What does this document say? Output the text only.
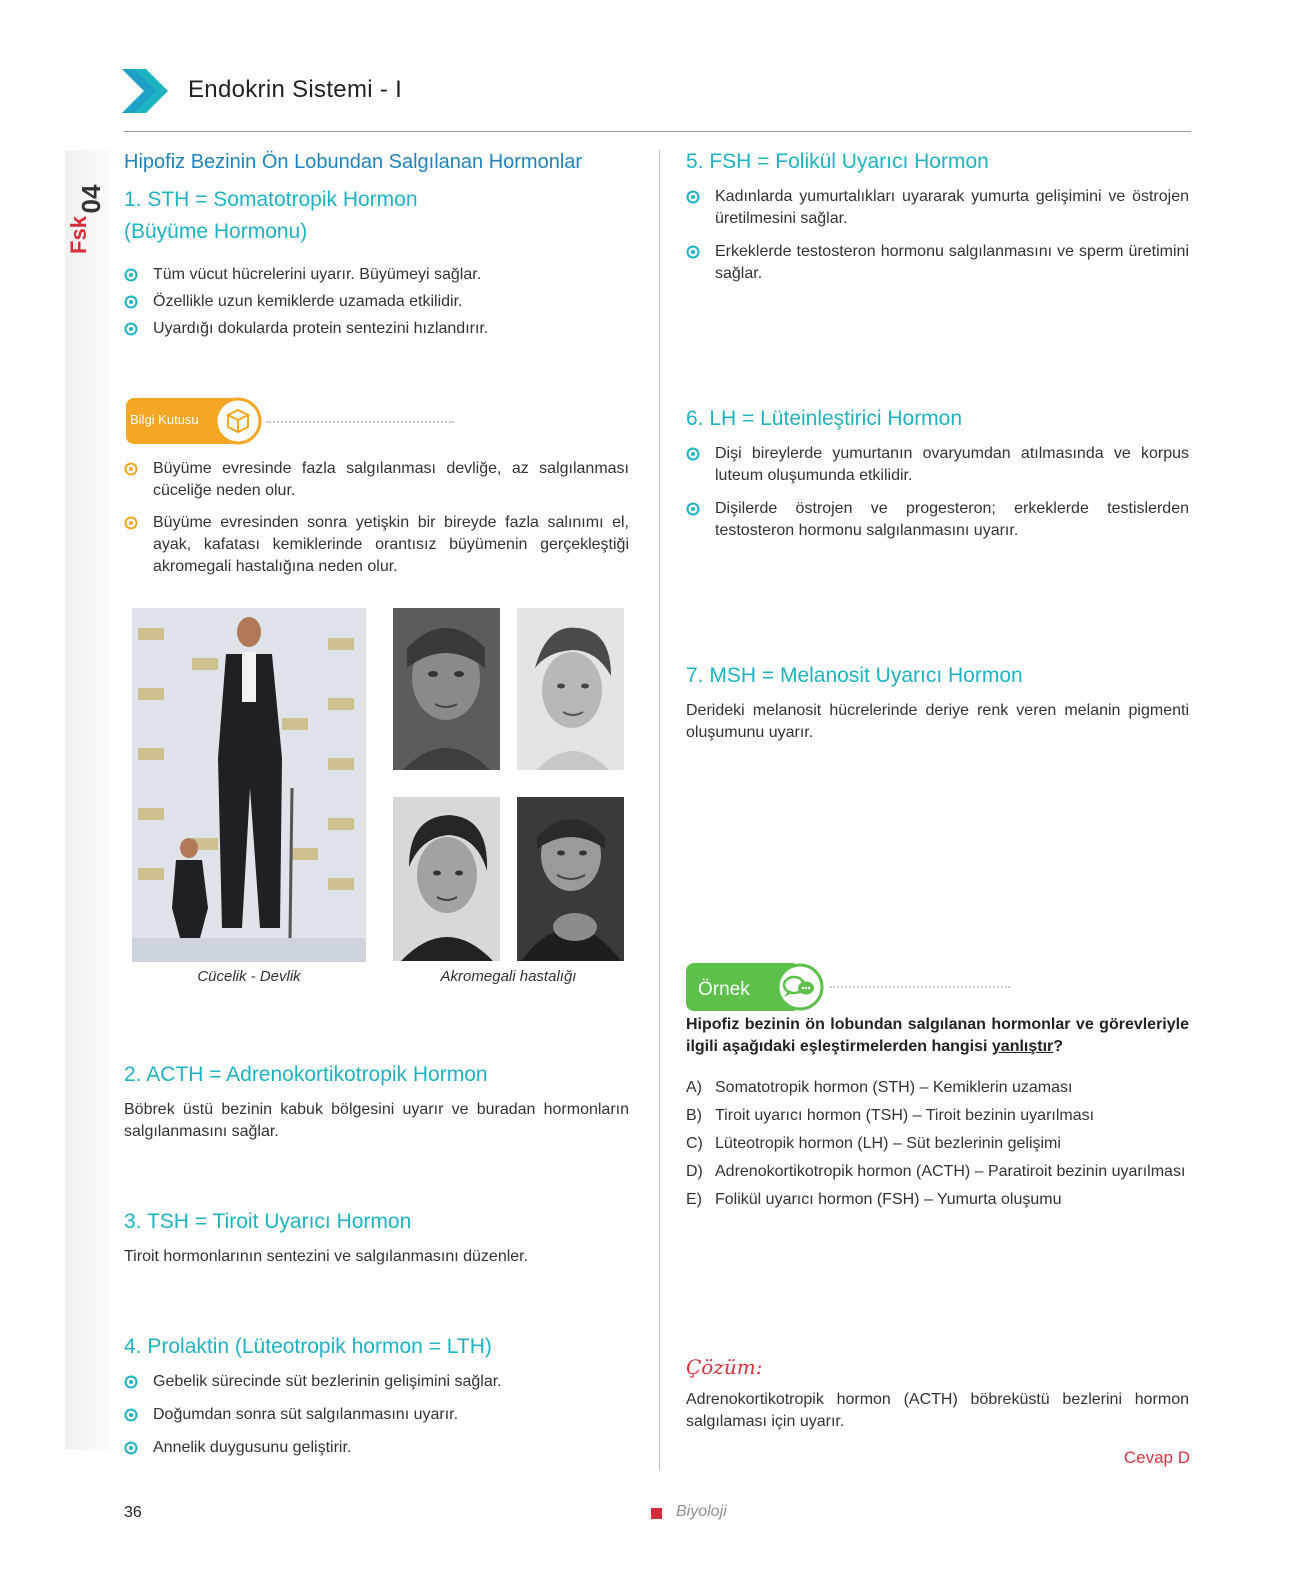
04
Fsk
Endokrin Sistemi - I
Hipofiz Bezinin Ön Lobundan Salgılanan Hormonlar
1. STH = Somatotropik Hormon
(Büyüme Hormonu)
Tüm vücut hücrelerini uyarır. Büyümeyi sağlar.
Özellikle uzun kemiklerde uzamada etkilidir.
Uyardığı dokularda protein sentezini hızlandırır.
Bilgi Kutusu
Büyüme evresinde fazla salgılanması devliğe, az salgılanması cüceliğe neden olur.
Büyüme evresinden sonra yetişkin bir bireyde fazla salınımı el, ayak, kafatası kemiklerinde orantısız büyümenin gerçekleştiği akromegali hastalığına neden olur.
Cücelik - Devlik	Akromegali hastalığı
2. ACTH = Adrenokortikotropik Hormon
Böbrek üstü bezinin kabuk bölgesini uyarır ve buradan hormonların salgılanmasını sağlar.
3. TSH = Tiroit Uyarıcı Hormon
Tiroit hormonlarının sentezini ve salgılanmasını düzenler.
4. Prolaktin (Lüteotropik hormon = LTH)
Gebelik sürecinde süt bezlerinin gelişimini sağlar.
Doğumdan sonra süt salgılanmasını uyarır.
Annelik duygusunu geliştirir.
5. FSH = Folikül Uyarıcı Hormon
Kadınlarda yumurtalıkları uyararak yumurta gelişimini ve östrojen üretilmesini sağlar.
Erkeklerde testosteron hormonu salgılanmasını ve sperm üretimini sağlar.
6. LH = Lüteinleştirici Hormon
Dişi bireylerde yumurtanın ovaryumdan atılmasında ve korpus luteum oluşumunda etkilidir.
Dişilerde östrojen ve progesteron; erkeklerde testislerden testosteron hormonu salgılanmasını uyarır.
7. MSH = Melanosit Uyarıcı Hormon
Derideki melanosit hücrelerinde deriye renk veren melanin pigmenti oluşumunu uyarır.
Örnek
Hipofiz bezinin ön lobundan salgılanan hormonlar ve görevleriyle ilgili aşağıdaki eşleştirmelerden hangisi yanlıştır?
A) Somatotropik hormon (STH) – Kemiklerin uzaması
B) Tiroit uyarıcı hormon (TSH) – Tiroit bezinin uyarılması
C) Lüteotropik hormon (LH) – Süt bezlerinin gelişimi
D) Adrenokortikotropik hormon (ACTH) – Paratiroit bezinin uyarılması
E) Folikül uyarıcı hormon (FSH) – Yumurta oluşumu
Çözüm:
Adrenokortikotropik hormon (ACTH) böbreküstü bezlerini hormon salgılaması için uyarır.
Cevap D
36	Biyoloji
